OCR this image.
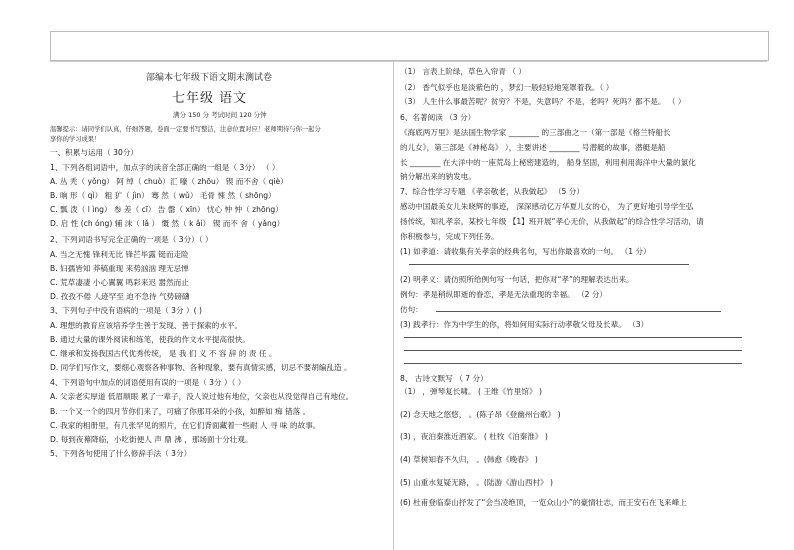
部编本七年级下语文期末测试卷
七年级 语文
满分 150 分 考试时间 120 分钟
温馨提示：请同学们认真，仔细答题，卷面一定要书写整洁，注意位置对应！老师期待与你一起分
享你的学习成果！
一、积累与运用（ 30分）
1、下列各组词语中，加点字的读音全部正确的一组是（ 3分） （ ）
A. 丛 秃（ yǒng） 阿 绰（ chuò）汇 嚎（ zhōu） 锲 而不舍（ qiè）
B. 晌 形（ qì） 粗 犷（ jìn） 骞 然（ wǔ） 毛骨 悚 然（ shōng）
C. 瓢 泼（ l ìng） 参 差（ cī） 告 罄（ xīn） 忧心 忡 忡（ zhōng）
D. 启 性 (ch óng) 辅 沫（ lǎ ） 慨 然（ k ǎi） 锲 而不 舍（ yǎng）
2、下列词语书写完全正确的一项是（ 3分）（ ）
A. 当之无愧 锋利无比 锋芒毕露 铤而走险
B. 妇孺皆知 莽稿重现 来势汹汹 理无忌惮
C. 荒草凄凄 小心翼翼 鸣彩来迟 嚣然而止
D. 孜孜不倦 人迹罕至 迫不急待 气势磅礴
3、下列句子中没有语病的一项是（ 3分 ）( )
A. 理想的教育应该培养学生善于发现、善于探索的水平。
B. 通过大量的课外阅读和练笔，使我的作文水平提高很快。
C. 继承和发扬我国古代优秀传统， 是 我 们 义 不 容 辞 的 责 任 。
D. 同学们写作文，要细心观察各种事物、各种现象，要有真情实感，切忌不要胡编乱造 。
4、下列语句中加点的词语使用有误的一项是（ 3分 ）（ ）
A. 父亲老实厚道 低眉顺眼 累了一辈子，没人说过他有地位，父亲也从没觉得自己有地位。
B. 一个又一个的四月节你们来了，可痛了你那耳朵的小孩，如醉如 痴 错落 。
C. 我家的相册里，有几张罕见的照片，在它们背面藏着一些耐 人 寻 味 的故事。
D. 每到夜幕降临，小吃街便人 声 鼎 沸 ，那场面十分壮观。
5、下列各句使用了什么修辞手法（ 3分）
（1） 言表上阶绿，草色入帘青 （ ）
（2） 香气似乎也是淡紫色的 ，梦幻一般轻轻地笼罩着我。（ ）
（3） 人生什么事最苦呢？贫穷？不是，失意吗？不是，老吗？死吗？都不是。 （ ）
6、名著阅读 （3 分）
《海底两万里》是法国生物学家 ________ 的三部曲之一（第一部是《格兰特船长
的儿女》，第三部是《神秘岛》 ），主要讲述 ________ 号潜艇的故事，潜艇是船
长 ________ 在大洋中的一座荒岛上秘密建造的， 船身坚固，利用利用海洋中大量的氯化
钠分解出来的钠发电。
7、综合性学习专题 《孝亲敬老，从我做起》 （5 分）
感动中国最美女儿朱晓辉的事迹， 深深感动亿万华夏儿女的心， 为了更好地引导学生弘
扬传统，知礼孝亲，某校七年级 【1】班开展“孝心无价，从我做起”的综合性学习活动，请
你积极参与，完成下列任务。
(1) 如孝道：请收集有关孝亲的经典名句，写出你最喜欢的一句。 （1 分）
(2) 明孝义：请仿照所给例句写一句话，把你对“孝”的理解表达出来。
例句：孝是稍纵即逝的眷恋，孝是无法重现的幸福。 （2 分）
仿句：
(3) 践孝行：作为中学生的你，将如何用实际行动孝敬父母及长辈。 （3）
8、 古诗文默写 （ 7 分）
（1） ，弹琴复长啸。 ( 王维《竹里馆》 )
(2) 念天地之悠悠， 。(陈子昂《登幽州台歌》 )
(3) ，夜泊秦淮近酒家。 ( 杜牧《泊秦淮》 )
(4) 草树知春不久归， 。(韩愈《晚春》 )
(5) 山重水复疑无路， 。(陆游《游山西村》 )
(6) 杜甫登临泰山抒发了“会当凌绝顶，一览众山小”的豪情壮志，而王安石在飞来峰上
